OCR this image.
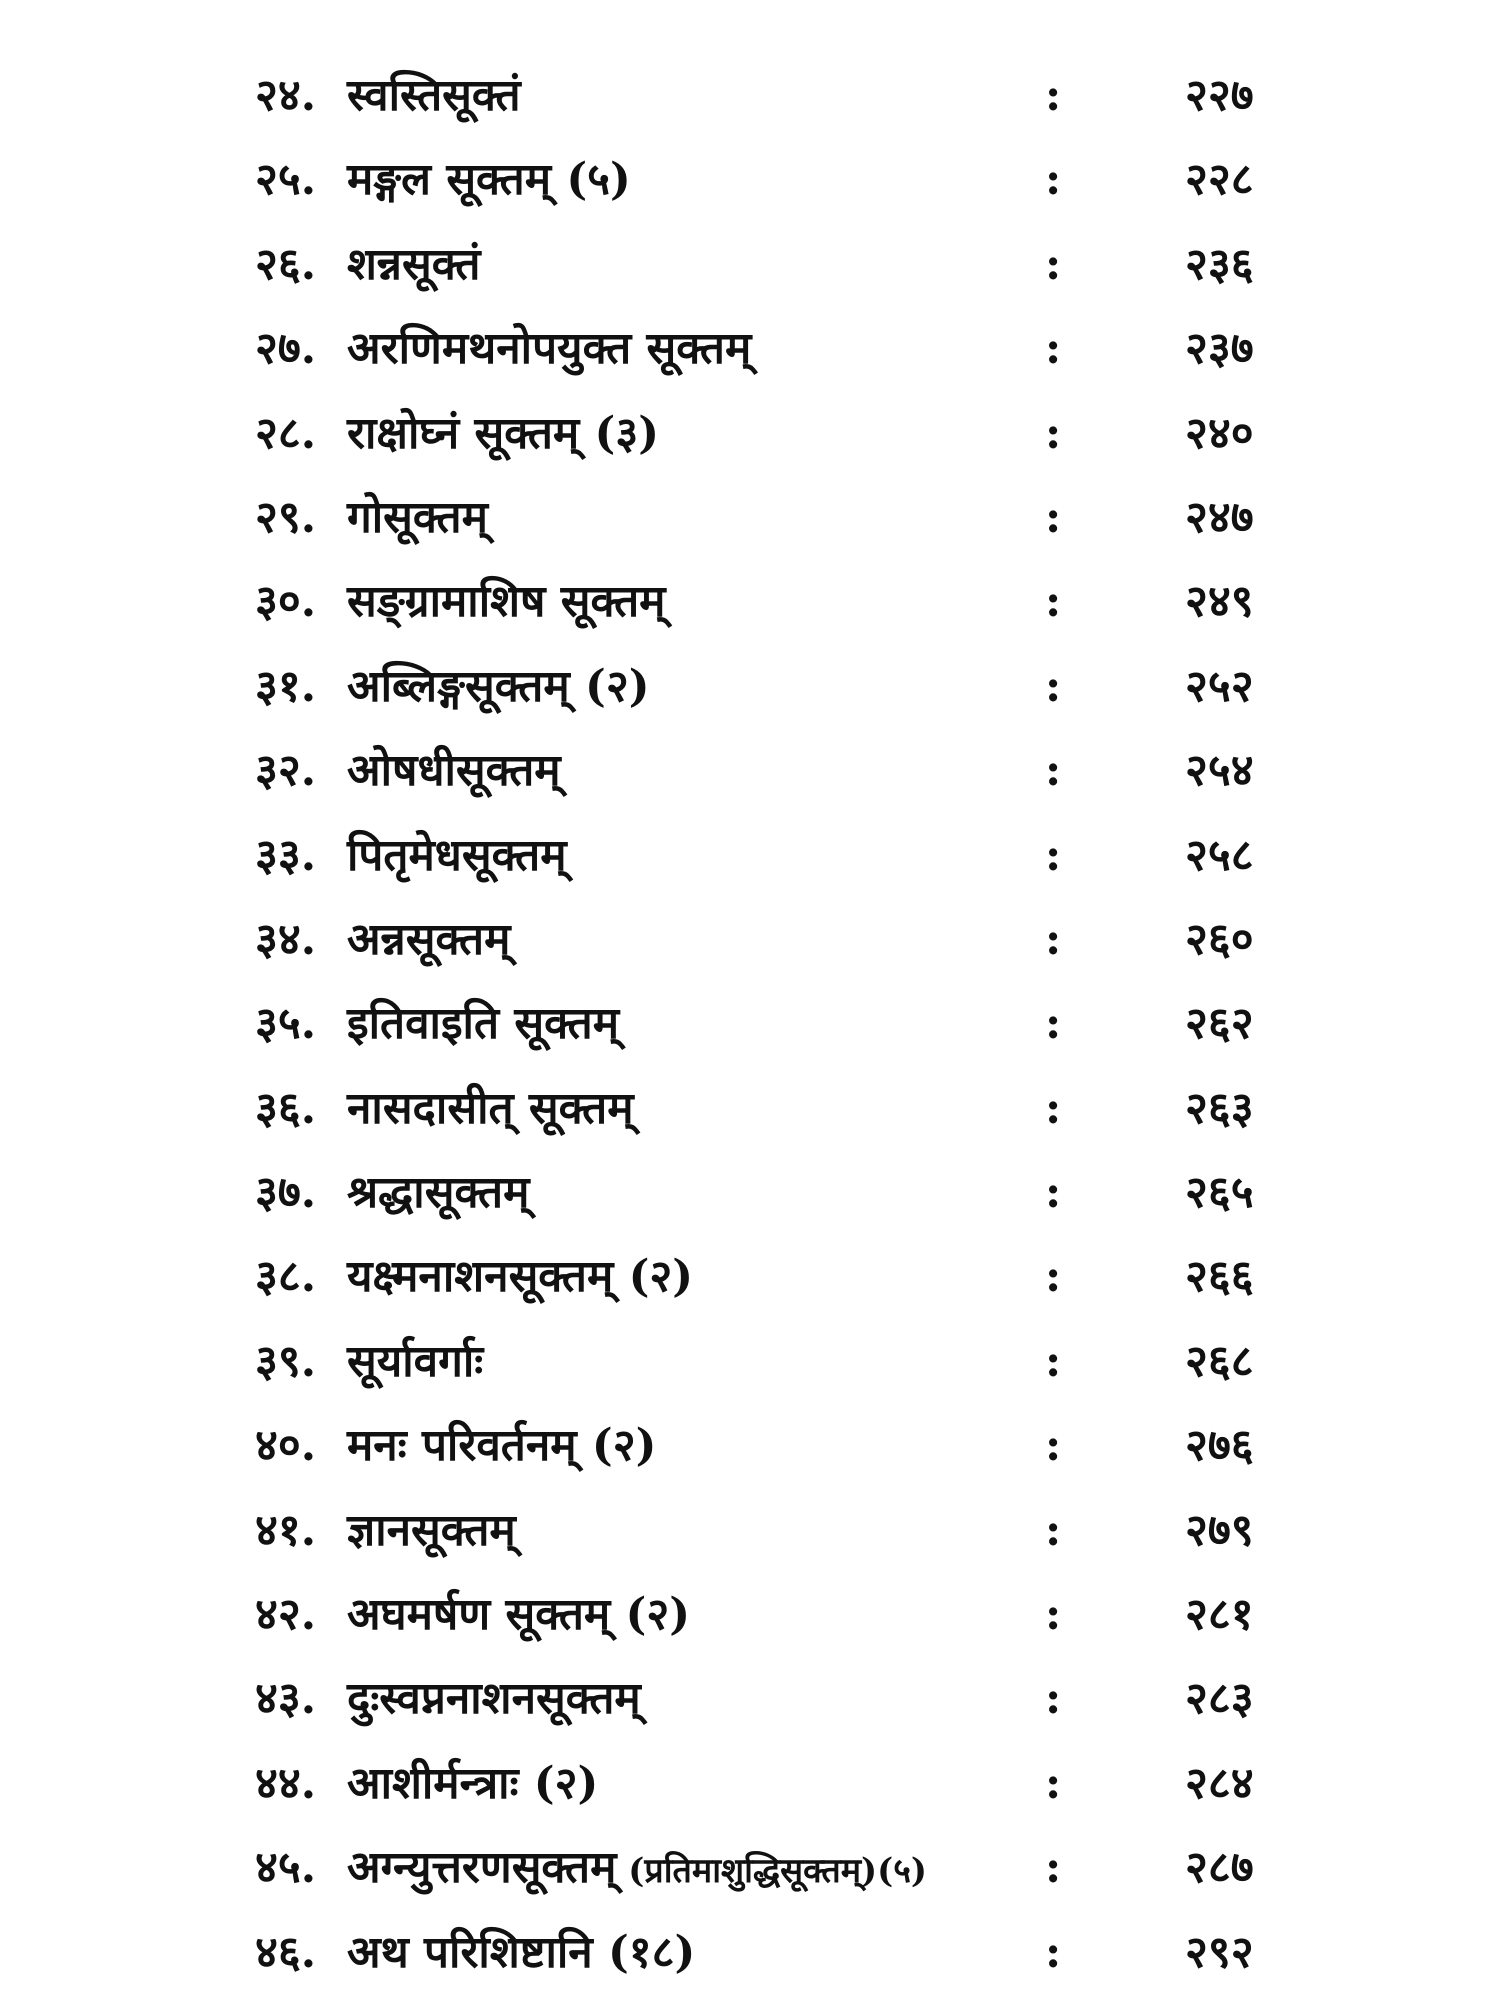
२४. स्वस्तिसूक्तं	:	२२७
२५. मङ्गल सूक्तम् (५)	:	२२८
२६. शन्नसूक्तं	:	२३६
२७. अरणिमथनोपयुक्त सूक्तम्	:	२३७
२८. राक्षोघ्नं सूक्तम् (३)	:	२४०
२९. गोसूक्तम्	:	२४७
३०. सङ्ग्रामाशिष सूक्तम्	:	२४९
३१. अब्लिङ्गसूक्तम् (२)	:	२५२
३२. ओषधीसूक्तम्	:	२५४
३३. पितृमेधसूक्तम्	:	२५८
३४. अन्नसूक्तम्	:	२६०
३५. इतिवाइति सूक्तम्	:	२६२
३६. नासदासीत् सूक्तम्	:	२६३
३७. श्रद्धासूक्तम्	:	२६५
३८. यक्ष्मनाशनसूक्तम् (२)	:	२६६
३९. सूर्यावर्गाः	:	२६८
४०. मनः परिवर्तनम् (२)	:	२७६
४१. ज्ञानसूक्तम्	:	२७९
४२. अघमर्षण सूक्तम् (२)	:	२८१
४३. दुःस्वप्ननाशनसूक्तम्	:	२८३
४४. आशीर्मन्त्राः (२)	:	२८४
४५. अग्न्युत्तरणसूक्तम् (प्रतिमाशुद्धिसूक्तम्)(५)	:	२८७
४६. अथ परिशिष्टानि (१८)	:	२९२
